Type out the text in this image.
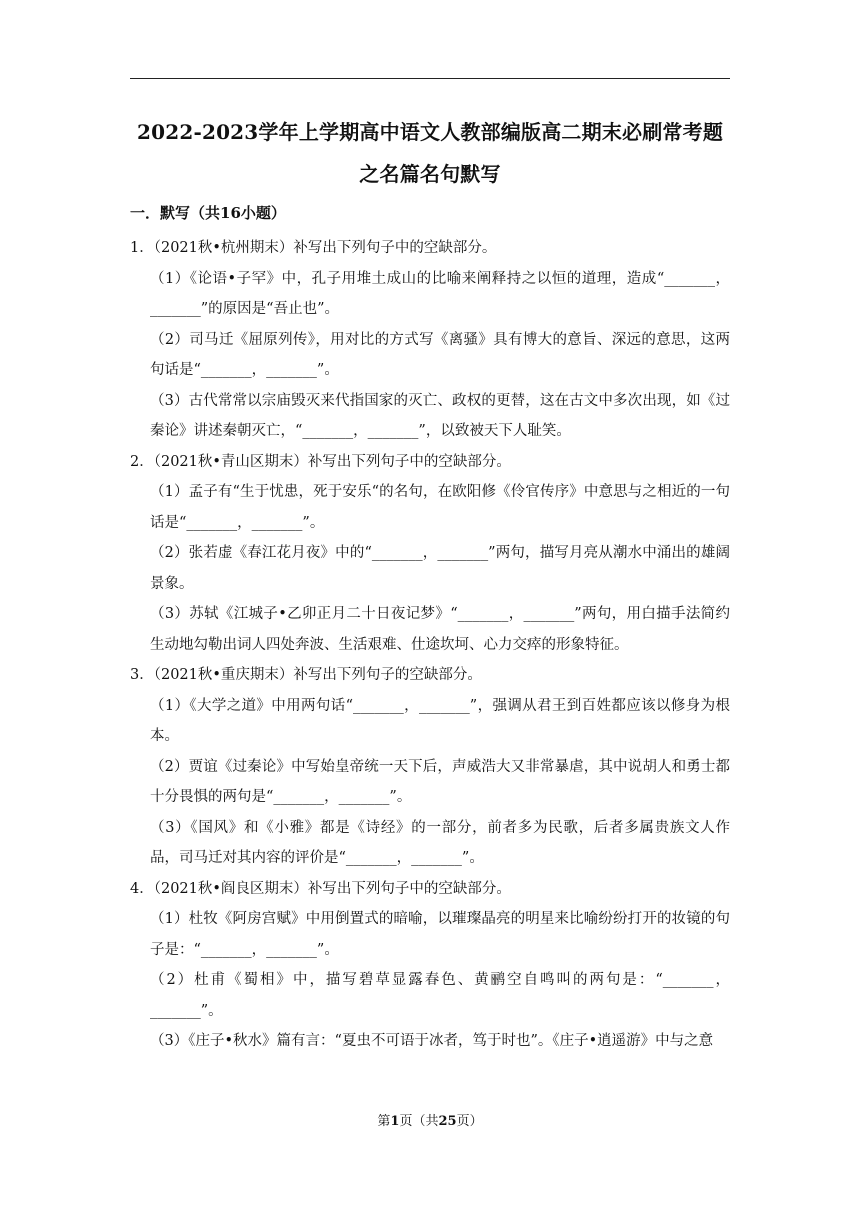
2022-2023学年上学期高中语文人教部编版高二期末必刷常考题
之名篇名句默写
一．默写（共16小题）
1．（2021秋•杭州期末）补写出下列句子中的空缺部分。
（1）《论语•子罕》中，孔子用堆土成山的比喻来阐释持之以恒的道理，造成“_______，_______”的原因是“吾止也”。
（2）司马迁《屈原列传》，用对比的方式写《离骚》具有博大的意旨、深远的意思，这两句话是“_______，_______”。
（3）古代常常以宗庙毁灭来代指国家的灭亡、政权的更替，这在古文中多次出现，如《过秦论》讲述秦朝灭亡，“_______，_______”，以致被天下人耻笑。
2．（2021秋•青山区期末）补写出下列句子中的空缺部分。
（1）孟子有“生于忧患，死于安乐“的名句，在欧阳修《伶官传序》中意思与之相近的一句话是“_______，_______”。
（2）张若虚《春江花月夜》中的“_______，_______”两句，描写月亮从潮水中涌出的雄阔景象。
（3）苏轼《江城子•乙卯正月二十日夜记梦》“_______，_______”两句，用白描手法简约生动地勾勒出词人四处奔波、生活艰难、仕途坎坷、心力交瘁的形象特征。
3．（2021秋•重庆期末）补写出下列句子的空缺部分。
（1）《大学之道》中用两句话“_______，_______”，强调从君王到百姓都应该以修身为根本。
（2）贾谊《过秦论》中写始皇帝统一天下后，声威浩大又非常暴虐，其中说胡人和勇士都十分畏惧的两句是“_______，_______”。
（3）《国风》和《小雅》都是《诗经》的一部分，前者多为民歌，后者多属贵族文人作品，司马迁对其内容的评价是“_______，_______”。
4．（2021秋•阎良区期末）补写出下列句子中的空缺部分。
（1）杜牧《阿房宫赋》中用倒置式的暗喻，以璀璨晶亮的明星来比喻纷纷打开的妆镜的句子是：“_______，_______”。
（2）杜甫《蜀相》中，描写碧草显露春色、黄鹂空自鸣叫的两句是：“_______，_______”。
（3）《庄子•秋水》篇有言：“夏虫不可语于冰者，笃于时也”。《庄子•逍遥游》中与之意
第1页（共25页）
